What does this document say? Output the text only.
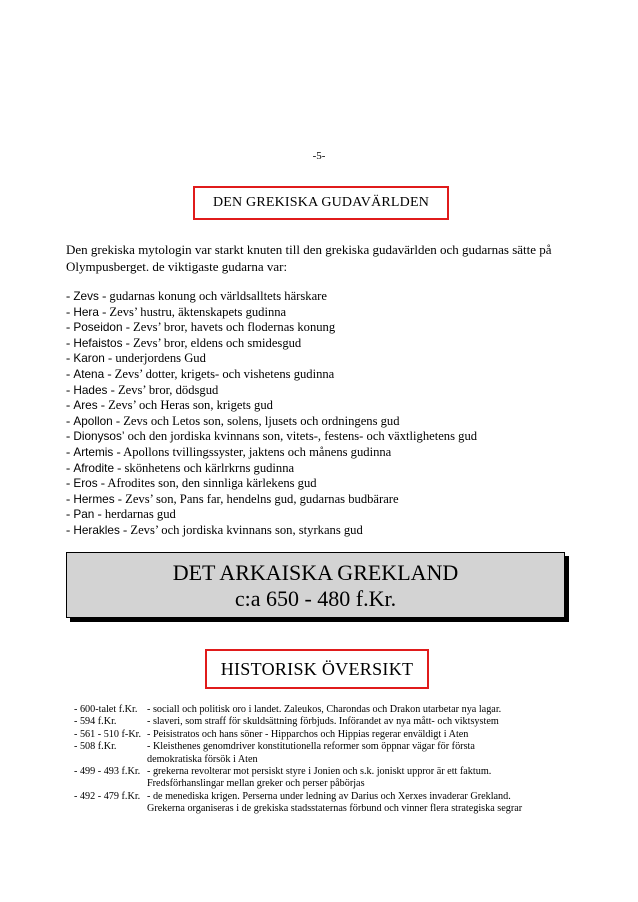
-5-
DEN GREKISKA GUDAVÄRLDEN
Den grekiska mytologin var starkt knuten till den grekiska gudavärlden och gudarnas sätte på Olympusberget. de viktigaste gudarna var:
- Zevs - gudarnas konung och världsalltets härskare
- Hera - Zevs’ hustru, äktenskapets gudinna
- Poseidon - Zevs’ bror, havets och flodernas konung
- Hefaistos - Zevs’ bror, eldens och smidesgud
- Karon - underjordens Gud
- Atena - Zevs’ dotter, krigets- och vishetens gudinna
- Hades - Zevs’ bror, dödsgud
- Ares - Zevs’ och Heras son, krigets gud
- Apollon - Zevs och Letos son, solens, ljusets och ordningens gud
- Dionysos’ och den jordiska kvinnans son, vitets-, festens- och växtlighetens gud
- Artemis - Apollons tvillingssyster, jaktens och månens gudinna
- Afrodite - skönhetens och kärlrkrns gudinna
- Eros - Afrodites son, den sinnliga kärlekens gud
- Hermes - Zevs’ son, Pans far, hendelns gud, gudarnas budbärare
- Pan - herdarnas gud
- Herakles - Zevs’ och jordiska kvinnans son, styrkans gud
DET ARKAISKA GREKLAND
c:a 650 - 480 f.Kr.
HISTORISK ÖVERSIKT
- 600-talet f.Kr. - sociall och politisk oro i landet. Zaleukos, Charondas och Drakon utarbetar nya lagar.
- 594 f.Kr.	- slaveri, som straff för skuldsättning förbjuds. Införandet av nya mått- och viktsystem
- 561 - 510 f-Kr. - Peisistratos och hans söner - Hipparchos och Hippias regerar enväldigt i Aten
- 508 f.Kr.	- Kleisthenes genomdriver konstitutionella reformer som öppnar vägar för första
demokratiska försök i Aten
- 499 - 493 f.Kr. - grekerna revolterar mot persiskt styre i Jonien och s.k. joniskt uppror är ett faktum.
Fredsförhanslingar mellan greker och perser påbörjas
- 492 - 479 f.Kr. - de menediska krigen. Perserna under ledning av Darius och Xerxes invaderar Grekland.
Grekerna organiseras i de grekiska stadsstaternas förbund och vinner flera strategiska segrar
